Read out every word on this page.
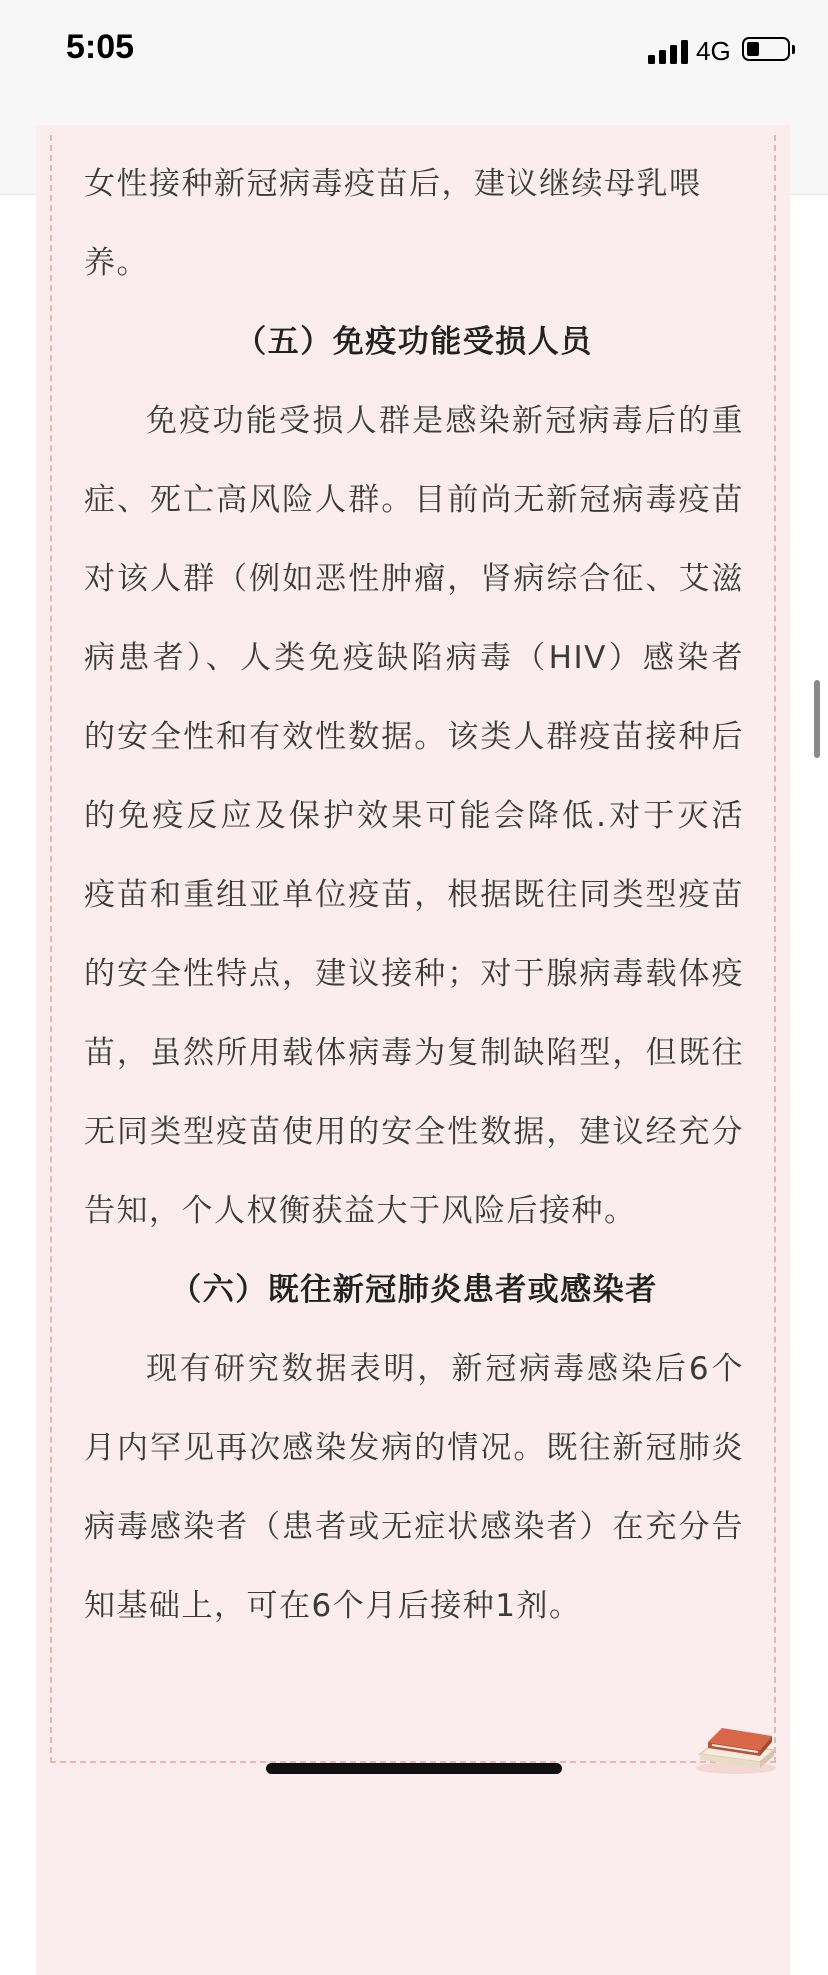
5:05	4G

女性接种新冠病毒疫苗后，建议继续母乳喂

养。

（五）免疫功能受损人员

免疫功能受损人群是感染新冠病毒后的重症、死亡高风险人群。目前尚无新冠病毒疫苗对该人群（例如恶性肿瘤，肾病综合征、艾滋病患者）、人类免疫缺陷病毒（HIV）感染者的安全性和有效性数据。该类人群疫苗接种后的免疫反应及保护效果可能会降低.对于灭活疫苗和重组亚单位疫苗，根据既往同类型疫苗的安全性特点，建议接种；对于腺病毒载体疫苗，虽然所用载体病毒为复制缺陷型，但既往无同类型疫苗使用的安全性数据，建议经充分告知，个人权衡获益大于风险后接种。

（六）既往新冠肺炎患者或感染者

现有研究数据表明，新冠病毒感染后6个月内罕见再次感染发病的情况。既往新冠肺炎病毒感染者（患者或无症状感染者）在充分告知基础上，可在6个月后接种1剂。
